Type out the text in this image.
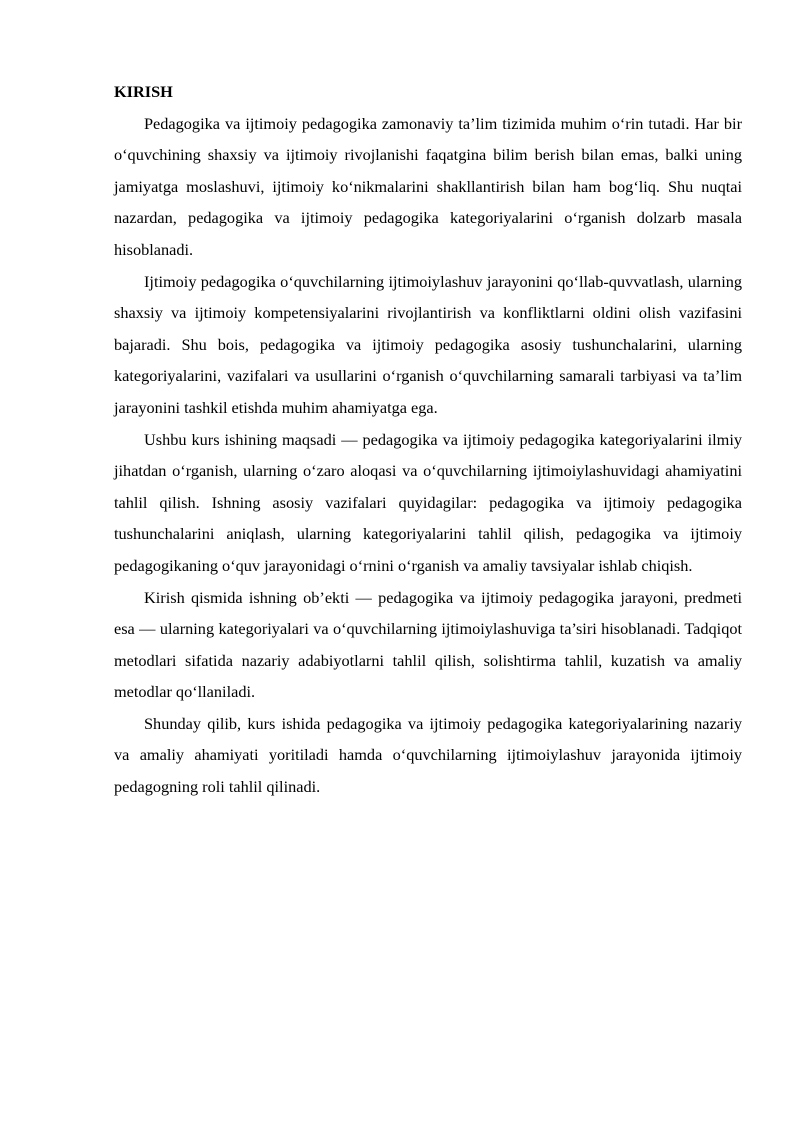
KIRISH

Pedagogika va ijtimoiy pedagogika zamonaviy ta’lim tizimida muhim o‘rin tutadi. Har bir o‘quvchining shaxsiy va ijtimoiy rivojlanishi faqatgina bilim berish bilan emas, balki uning jamiyatga moslashuvi, ijtimoiy ko‘nikmalarini shakllantirish bilan ham bog‘liq. Shu nuqtai nazardan, pedagogika va ijtimoiy pedagogika kategoriyalarini o‘rganish dolzarb masala hisoblanadi.

Ijtimoiy pedagogika o‘quvchilarning ijtimoiylashuv jarayonini qo‘llab-quvvatlash, ularning shaxsiy va ijtimoiy kompetensiyalarini rivojlantirish va konfliktlarni oldini olish vazifasini bajaradi. Shu bois, pedagogika va ijtimoiy pedagogika asosiy tushunchalarini, ularning kategoriyalarini, vazifalari va usullarini o‘rganish o‘quvchilarning samarali tarbiyasi va ta’lim jarayonini tashkil etishda muhim ahamiyatga ega.

Ushbu kurs ishining maqsadi — pedagogika va ijtimoiy pedagogika kategoriyalarini ilmiy jihatdan o‘rganish, ularning o‘zaro aloqasi va o‘quvchilarning ijtimoiylashuvidagi ahamiyatini tahlil qilish. Ishning asosiy vazifalari quyidagilar: pedagogika va ijtimoiy pedagogika tushunchalarini aniqlash, ularning kategoriyalarini tahlil qilish, pedagogika va ijtimoiy pedagogikaning o‘quv jarayonidagi o‘rnini o‘rganish va amaliy tavsiyalar ishlab chiqish.

Kirish qismida ishning ob’ekti — pedagogika va ijtimoiy pedagogika jarayoni, predmeti esa — ularning kategoriyalari va o‘quvchilarning ijtimoiylashuviga ta’siri hisoblanadi. Tadqiqot metodlari sifatida nazariy adabiyotlarni tahlil qilish, solishtirma tahlil, kuzatish va amaliy metodlar qo‘llaniladi.

Shunday qilib, kurs ishida pedagogika va ijtimoiy pedagogika kategoriyalarining nazariy va amaliy ahamiyati yoritiladi hamda o‘quvchilarning ijtimoiylashuv jarayonida ijtimoiy pedagogning roli tahlil qilinadi.
